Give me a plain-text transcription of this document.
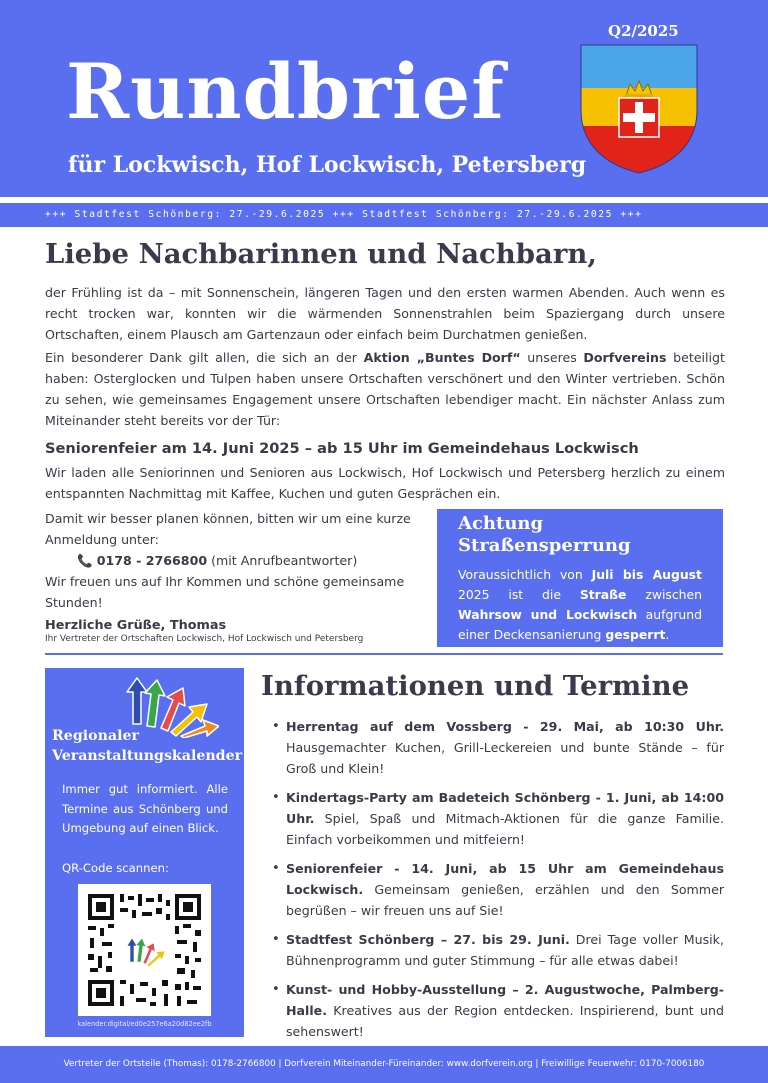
Rundbrief
für Lockwisch, Hof Lockwisch, Petersberg
Q2/2025
+++ Stadtfest Schönberg: 27.-29.6.2025 +++ Stadtfest Schönberg: 27.-29.6.2025 +++
Liebe Nachbarinnen und Nachbarn,
der Frühling ist da – mit Sonnenschein, längeren Tagen und den ersten warmen Abenden. Auch wenn es recht trocken war, konnten wir die wärmenden Sonnenstrahlen beim Spaziergang durch unsere Ortschaften, einem Plausch am Gartenzaun oder einfach beim Durchatmen genießen.
Ein besonderer Dank gilt allen, die sich an der Aktion „Buntes Dorf“ unseres Dorfvereins beteiligt haben: Osterglocken und Tulpen haben unsere Ortschaften verschönert und den Winter vertrieben. Schön zu sehen, wie gemeinsames Engagement unsere Ortschaften lebendiger macht. Ein nächster Anlass zum Miteinander steht bereits vor der Tür:
Seniorenfeier am 14. Juni 2025 – ab 15 Uhr im Gemeindehaus Lockwisch
Wir laden alle Seniorinnen und Senioren aus Lockwisch, Hof Lockwisch und Petersberg herzlich zu einem entspannten Nachmittag mit Kaffee, Kuchen und guten Gesprächen ein.
Damit wir besser planen können, bitten wir um eine kurze Anmeldung unter:
📞 0178 - 2766800 (mit Anrufbeantworter)
Wir freuen uns auf Ihr Kommen und schöne gemeinsame Stunden!
Herzliche Grüße, Thomas
Ihr Vertreter der Ortschaften Lockwisch, Hof Lockwisch und Petersberg
Achtung
Straßensperrung
Voraussichtlich von Juli bis August 2025 ist die Straße zwischen Wahrsow und Lockwisch aufgrund einer Deckensanierung gesperrt.
Regionaler
Veranstaltungskalender
Immer gut informiert. Alle Termine aus Schönberg und Umgebung auf einen Blick.
QR-Code scannen:
kalender.digital/ed0e257e6a20d82ee2fb
Informationen und Termine
• Herrentag auf dem Vossberg - 29. Mai, ab 10:30 Uhr. Hausgemachter Kuchen, Grill-Leckereien und bunte Stände – für Groß und Klein!
• Kindertags-Party am Badeteich Schönberg - 1. Juni, ab 14:00 Uhr. Spiel, Spaß und Mitmach-Aktionen für die ganze Familie. Einfach vorbeikommen und mitfeiern!
• Seniorenfeier - 14. Juni, ab 15 Uhr am Gemeindehaus Lockwisch. Gemeinsam genießen, erzählen und den Sommer begrüßen – wir freuen uns auf Sie!
• Stadtfest Schönberg – 27. bis 29. Juni. Drei Tage voller Musik, Bühnenprogramm und guter Stimmung – für alle etwas dabei!
• Kunst- und Hobby-Ausstellung – 2. Augustwoche, Palmberg-Halle. Kreatives aus der Region entdecken. Inspirierend, bunt und sehenswert!
Vertreter der Ortsteile (Thomas): 0178-2766800 | Dorfverein Miteinander-Füreinander: www.dorfverein.org | Freiwillige Feuerwehr: 0170-7006180
